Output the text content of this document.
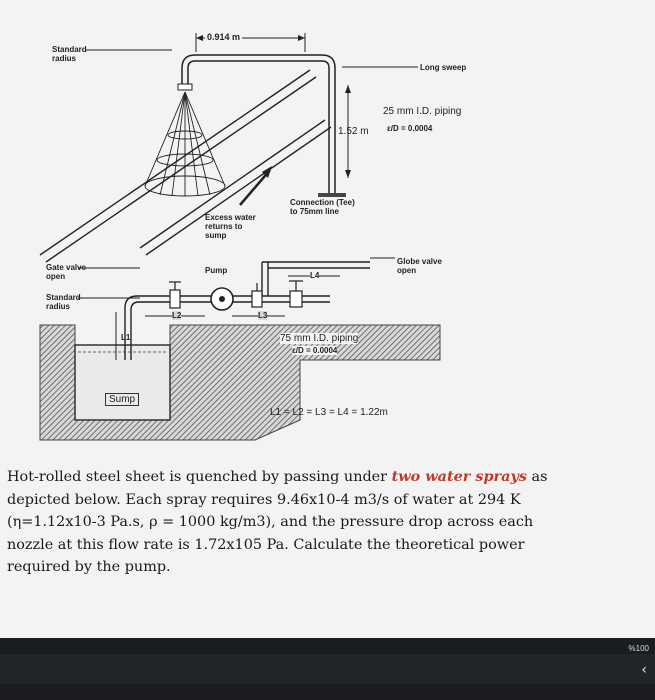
0.914 m
Standard
radius
Long sweep
25 mm I.D. piping
ε/D = 0.0004
1.52 m
Connection (Tee)
to 75mm line
Excess water
returns to
sump
Globe valve
open
Gate valve
open
Pump
Standard
radius
L1
L2	L3
L4
75 mm I.D. piping
ε/D = 0.0004
Sump
L1 = L2 = L3 = L4 = 1.22m
Hot-rolled steel sheet is quenched by passing under two water sprays as
depicted below. Each spray requires 9.46x10-4 m3/s of water at 294 K
(η=1.12x10-3 Pa.s, ρ = 1000 kg/m3), and the pressure drop across each
nozzle at this flow rate is 1.72x105 Pa. Calculate the theoretical power
required by the pump.
%100
‹
